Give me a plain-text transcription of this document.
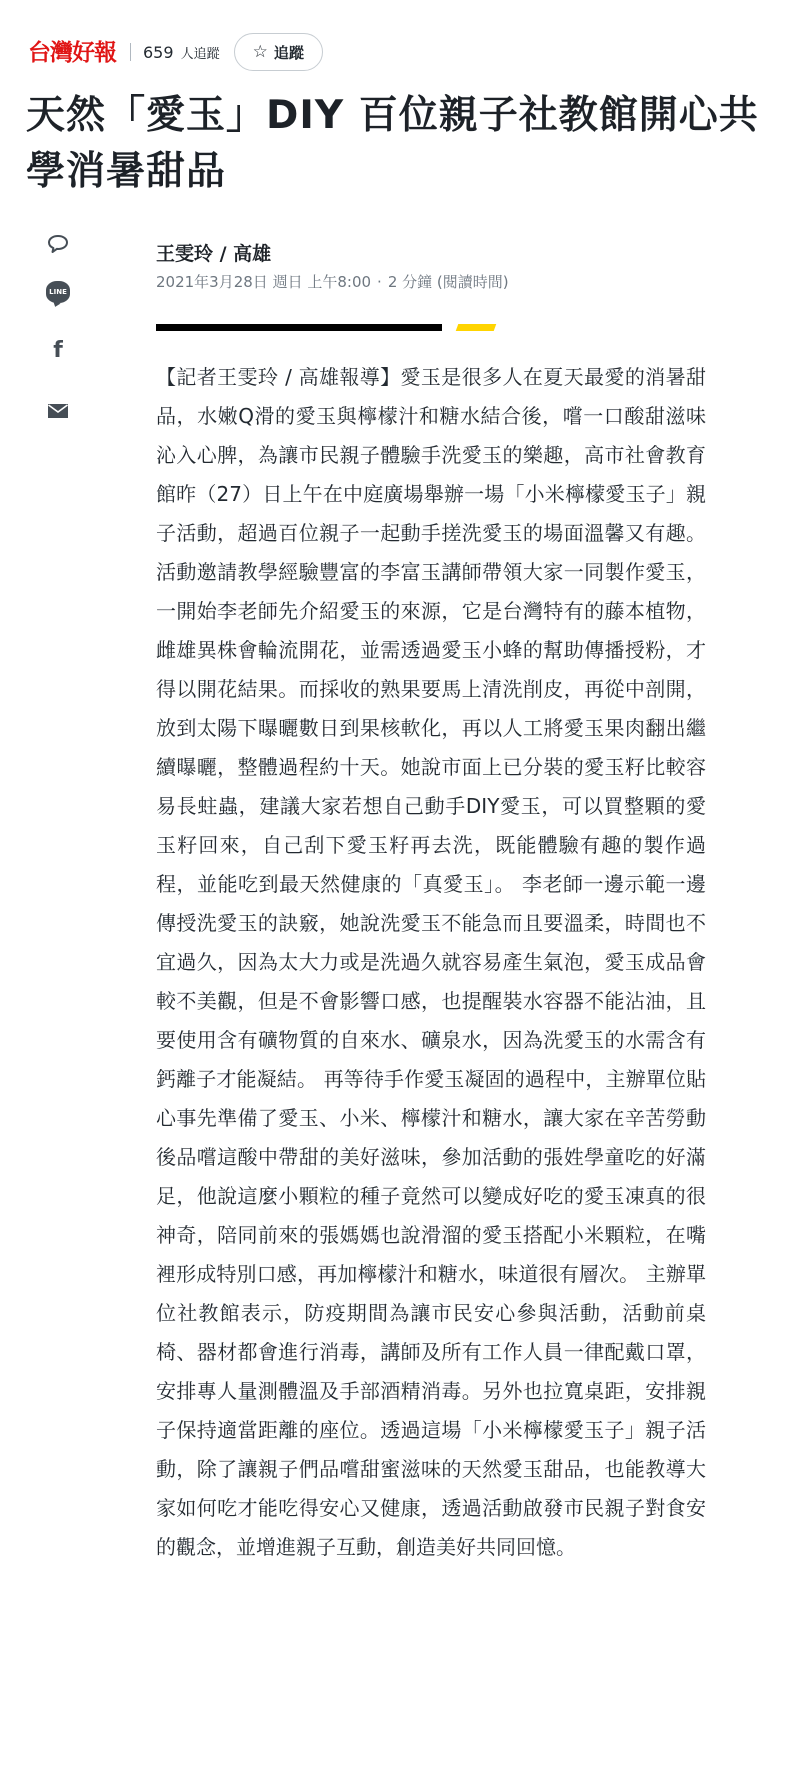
台灣好報 659 人追蹤 ☆ 追蹤
天然「愛玉」DIY 百位親子社教館開心共學消暑甜品
LINE
f
王雯玲 / 高雄
2021年3月28日 週日 上午8:00 · 2 分鐘 (閱讀時間)

【記者王雯玲 / 高雄報導】愛玉是很多人在夏天最愛的消暑甜品，水嫩Q滑的愛玉與檸檬汁和糖水結合後，嚐一口酸甜滋味沁入心脾，為讓市民親子體驗手洗愛玉的樂趣，高市社會教育館昨（27）日上午在中庭廣場舉辦一場「小米檸檬愛玉子」親子活動，超過百位親子一起動手搓洗愛玉的場面溫馨又有趣。 活動邀請教學經驗豐富的李富玉講師帶領大家一同製作愛玉，一開始李老師先介紹愛玉的來源，它是台灣特有的藤本植物，雌雄異株會輪流開花，並需透過愛玉小蜂的幫助傳播授粉，才得以開花結果。而採收的熟果要馬上清洗削皮，再從中剖開，放到太陽下曝曬數日到果核軟化，再以人工將愛玉果肉翻出繼續曝曬，整體過程約十天。她說市面上已分裝的愛玉籽比較容易長蛀蟲，建議大家若想自己動手DIY愛玉，可以買整顆的愛玉籽回來，自己刮下愛玉籽再去洗，既能體驗有趣的製作過程，並能吃到最天然健康的「真愛玉」。 李老師一邊示範一邊傳授洗愛玉的訣竅，她說洗愛玉不能急而且要溫柔，時間也不宜過久，因為太大力或是洗過久就容易產生氣泡，愛玉成品會較不美觀，但是不會影響口感，也提醒裝水容器不能沾油，且要使用含有礦物質的自來水、礦泉水，因為洗愛玉的水需含有鈣離子才能凝結。 再等待手作愛玉凝固的過程中，主辦單位貼心事先準備了愛玉、小米、檸檬汁和糖水，讓大家在辛苦勞動後品嚐這酸中帶甜的美好滋味，參加活動的張姓學童吃的好滿足，他說這麼小顆粒的種子竟然可以變成好吃的愛玉凍真的很神奇，陪同前來的張媽媽也說滑溜的愛玉搭配小米顆粒，在嘴裡形成特別口感，再加檸檬汁和糖水，味道很有層次。 主辦單位社教館表示，防疫期間為讓市民安心參與活動，活動前桌椅、器材都會進行消毒，講師及所有工作人員一律配戴口罩，安排專人量測體溫及手部酒精消毒。另外也拉寬桌距，安排親子保持適當距離的座位。透過這場「小米檸檬愛玉子」親子活動，除了讓親子們品嚐甜蜜滋味的天然愛玉甜品，也能教導大家如何吃才能吃得安心又健康，透過活動啟發市民親子對食安的觀念，並增進親子互動，創造美好共同回憶。
